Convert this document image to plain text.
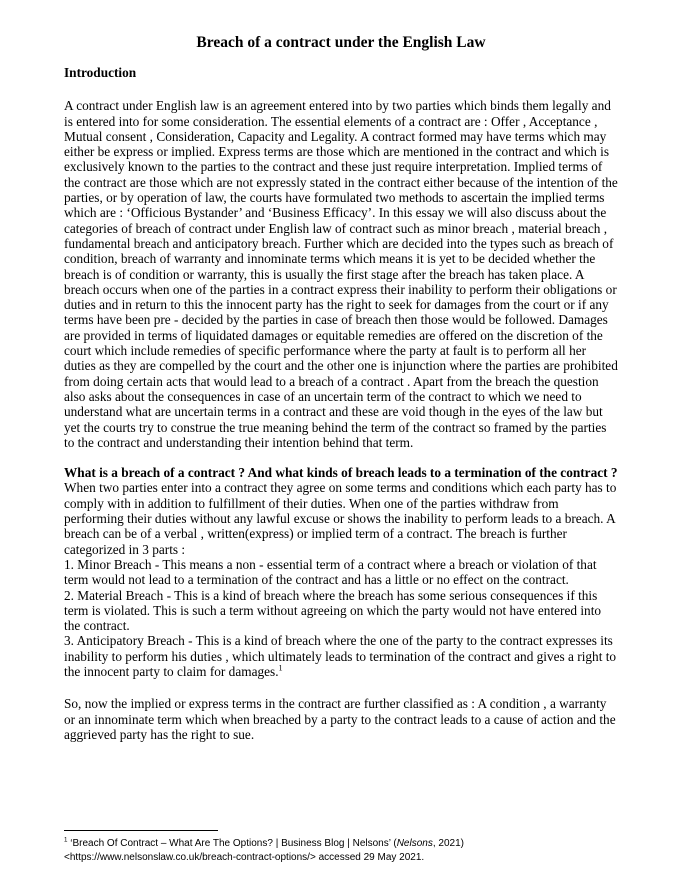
Breach of a contract under the English Law
Introduction

A contract under English law is an agreement entered into by two parties which binds them legally and is entered into for some consideration. The essential elements of a contract are : Offer , Acceptance , Mutual consent , Consideration, Capacity and Legality. A contract formed may have terms which may either be express or implied. Express terms are those which are mentioned in the contract and which is exclusively known to the parties to the contract and these just require interpretation. Implied terms of the contract are those which are not expressly stated in the contract either because of the intention of the parties, or by operation of law, the courts have formulated two methods to ascertain the implied terms which are : ‘Officious Bystander’ and ‘Business Efficacy’. In this essay we will also discuss about the categories of breach of contract under English law of contract such as minor breach , material breach , fundamental breach and anticipatory breach. Further which are decided into the types such as breach of condition, breach of warranty and innominate terms which means it is yet to be decided whether the breach is of condition or warranty, this is usually the first stage after the breach has taken place. A breach occurs when one of the parties in a contract express their inability to perform their obligations or duties and in return to this the innocent party has the right to seek for damages from the court or if any terms have been pre - decided by the parties in case of breach then those would be followed. Damages are provided in terms of liquidated damages or equitable remedies are offered on the discretion of the court which include remedies of specific performance where the party at fault is to perform all her duties as they are compelled by the court and the other one is injunction where the parties are prohibited from doing certain acts that would lead to a breach of a contract . Apart from the breach the question also asks about the consequences in case of an uncertain term of the contract to which we need to understand what are uncertain terms in a contract and these are void though in the eyes of the law but yet the courts try to construe the true meaning behind the term of the contract so framed by the parties to the contract and understanding their intention behind that term.

What is a breach of a contract ? And what kinds of breach leads to a termination of the contract ?

When two parties enter into a contract they agree on some terms and conditions which each party has to comply with in addition to fulfillment of their duties. When one of the parties withdraw from performing their duties without any lawful excuse or shows the inability to perform leads to a breach. A breach can be of a verbal , written(express) or implied term of a contract. The breach is further categorized in 3 parts :

1. Minor Breach - This means a non - essential term of a contract where a breach or violation of that term would not lead to a termination of the contract and has a little or no effect on the contract.

2. Material Breach - This is a kind of breach where the breach has some serious consequences if this term is violated. This is such a term without agreeing on which the party would not have entered into the contract.

3. Anticipatory Breach - This is a kind of breach where the one of the party to the contract expresses its inability to perform his duties , which ultimately leads to termination of the contract and gives a right to the innocent party to claim for damages.$^1$

So, now the implied or express terms in the contract are further classified as : A condition , a warranty or an innominate term which when breached by a party to the contract leads to a cause of action and the aggrieved party has the right to sue.

$^1$ ‘Breach Of Contract – What Are The Options? | Business Blog | Nelsons’ (Nelsons, 2021) <https://www.nelsonslaw.co.uk/breach-contract-options/> accessed 29 May 2021.
